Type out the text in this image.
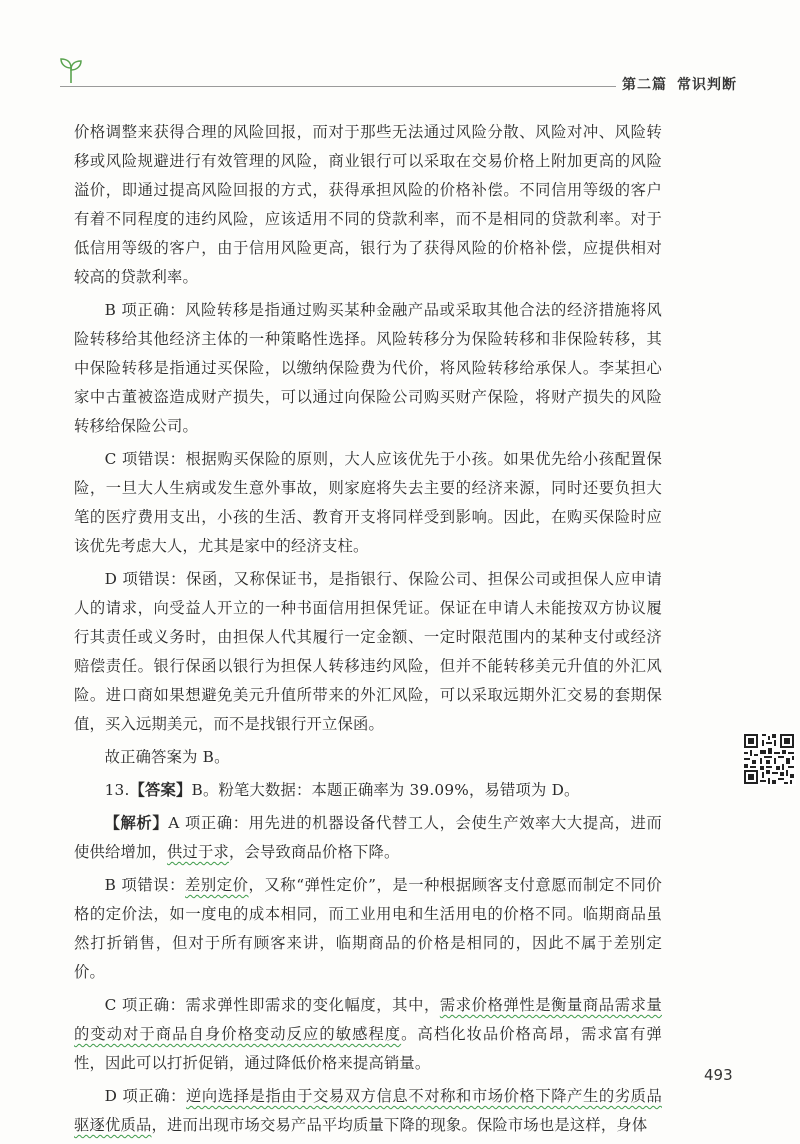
第二篇 常识判断

价格调整来获得合理的风险回报，而对于那些无法通过风险分散、风险对冲、风险转移或风险规避进行有效管理的风险，商业银行可以采取在交易价格上附加更高的风险溢价，即通过提高风险回报的方式，获得承担风险的价格补偿。不同信用等级的客户有着不同程度的违约风险，应该适用不同的贷款利率，而不是相同的贷款利率。对于低信用等级的客户，由于信用风险更高，银行为了获得风险的价格补偿，应提供相对较高的贷款利率。

B 项正确：风险转移是指通过购买某种金融产品或采取其他合法的经济措施将风险转移给其他经济主体的一种策略性选择。风险转移分为保险转移和非保险转移，其中保险转移是指通过买保险，以缴纳保险费为代价，将风险转移给承保人。李某担心家中古董被盗造成财产损失，可以通过向保险公司购买财产保险，将财产损失的风险转移给保险公司。

C 项错误：根据购买保险的原则，大人应该优先于小孩。如果优先给小孩配置保险，一旦大人生病或发生意外事故，则家庭将失去主要的经济来源，同时还要负担大笔的医疗费用支出，小孩的生活、教育开支将同样受到影响。因此，在购买保险时应该优先考虑大人，尤其是家中的经济支柱。

D 项错误：保函，又称保证书，是指银行、保险公司、担保公司或担保人应申请人的请求，向受益人开立的一种书面信用担保凭证。保证在申请人未能按双方协议履行其责任或义务时，由担保人代其履行一定金额、一定时限范围内的某种支付或经济赔偿责任。银行保函以银行为担保人转移违约风险，但并不能转移美元升值的外汇风险。进口商如果想避免美元升值所带来的外汇风险，可以采取远期外汇交易的套期保值，买入远期美元，而不是找银行开立保函。

故正确答案为 B。

13.【答案】B。粉笔大数据：本题正确率为 39.09%，易错项为 D。

【解析】A 项正确：用先进的机器设备代替工人，会使生产效率大大提高，进而使供给增加，供过于求，会导致商品价格下降。

B 项错误：差别定价，又称“弹性定价”，是一种根据顾客支付意愿而制定不同价格的定价法，如一度电的成本相同，而工业用电和生活用电的价格不同。临期商品虽然打折销售，但对于所有顾客来讲，临期商品的价格是相同的，因此不属于差别定价。

C 项正确：需求弹性即需求的变化幅度，其中，需求价格弹性是衡量商品需求量的变动对于商品自身价格变动反应的敏感程度。高档化妆品价格高昂，需求富有弹性，因此可以打折促销，通过降低价格来提高销量。

D 项正确：逆向选择是指由于交易双方信息不对称和市场价格下降产生的劣质品驱逐优质品，进而出现市场交易产品平均质量下降的现象。保险市场也是这样，身体

493
